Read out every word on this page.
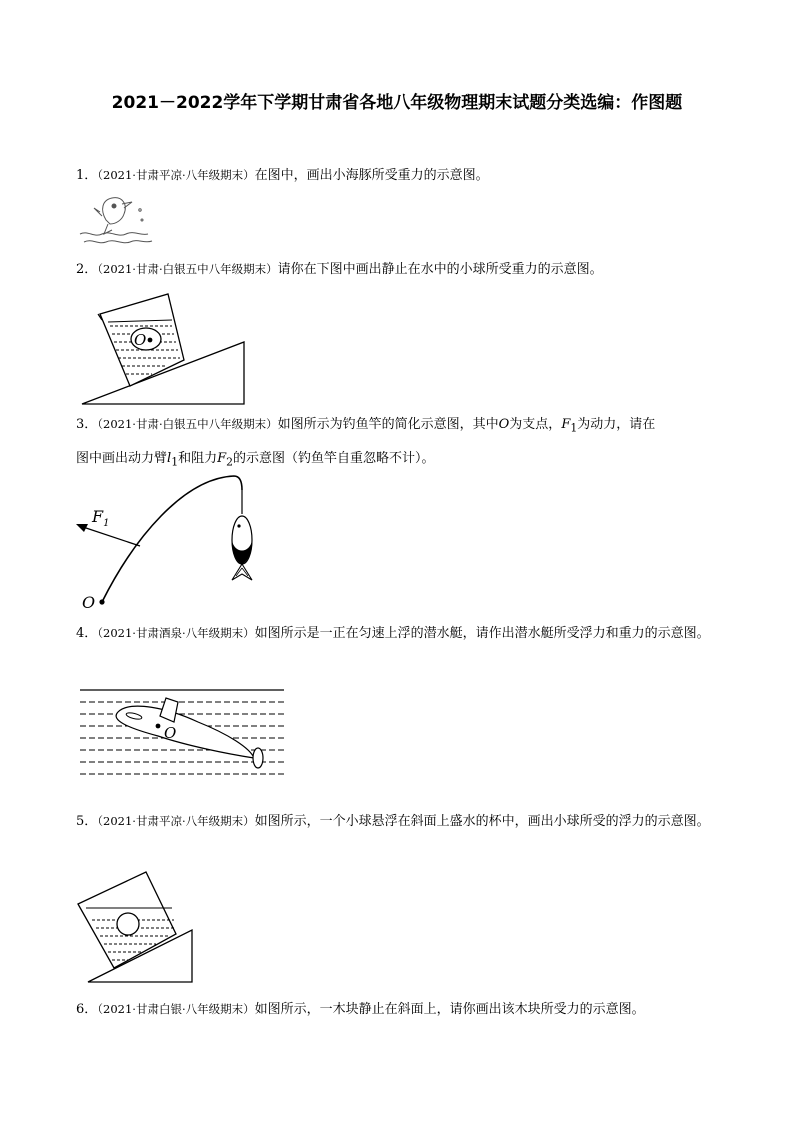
2021－2022学年下学期甘肃省各地八年级物理期末试题分类选编：作图题
1．（2021·甘肃平凉·八年级期末）在图中，画出小海豚所受重力的示意图。
2．（2021·甘肃·白银五中八年级期末）请你在下图中画出静止在水中的小球所受重力的示意图。
O
3．（2021·甘肃·白银五中八年级期末）如图所示为钓鱼竿的简化示意图，其中O为支点，$F_1$为动力，请在
图中画出动力臂$l_1$和阻力$F_2$的示意图（钓鱼竿自重忽略不计）。
$F_1$
O
4．（2021·甘肃酒泉·八年级期末）如图所示是一正在匀速上浮的潜水艇，请作出潜水艇所受浮力和重力的示意图。
O
5．（2021·甘肃平凉·八年级期末）如图所示，一个小球悬浮在斜面上盛水的杯中，画出小球所受的浮力的示意图。
6．（2021·甘肃白银·八年级期末）如图所示，一木块静止在斜面上，请你画出该木块所受力的示意图。
